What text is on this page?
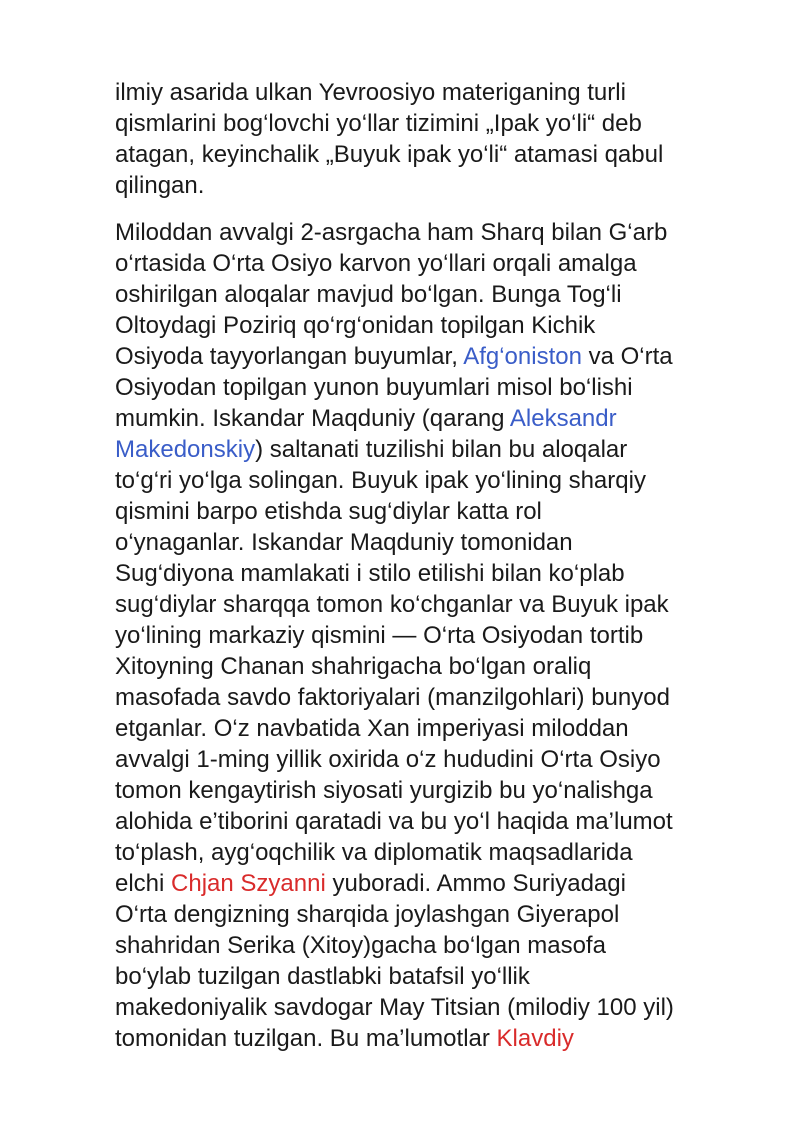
ilmiy asarida ulkan Yevroosiyo materiganing turli
qismlarini bog‘lovchi yo‘llar tizimini „Ipak yo‘li“ deb
atagan, keyinchalik „Buyuk ipak yo‘li“ atamasi qabul
qilingan.

Miloddan avvalgi 2-asrgacha ham Sharq bilan G‘arb
o‘rtasida O‘rta Osiyo karvon yo‘llari orqali amalga
oshirilgan aloqalar mavjud bo‘lgan. Bunga Tog‘li
Oltoydagi Poziriq qo‘rg‘onidan topilgan Kichik
Osiyoda tayyorlangan buyumlar, Afg‘oniston va O‘rta
Osiyodan topilgan yunon buyumlari misol bo‘lishi
mumkin. Iskandar Maqduniy (qarang Aleksandr
Makedonskiy) saltanati tuzilishi bilan bu aloqalar
to‘g‘ri yo‘lga solingan. Buyuk ipak yo‘lining sharqiy
qismini barpo etishda sug‘diylar katta rol
o‘ynaganlar. Iskandar Maqduniy tomonidan
Sug‘diyona mamlakati i stilo etilishi bilan ko‘plab
sug‘diylar sharqqa tomon ko‘chganlar va Buyuk ipak
yo‘lining markaziy qismini — O‘rta Osiyodan tortib
Xitoyning Chanan shahrigacha bo‘lgan oraliq
masofada savdo faktoriyalari (manzilgohlari) bunyod
etganlar. O‘z navbatida Xan imperiyasi miloddan
avvalgi 1-ming yillik oxirida o‘z hududini O‘rta Osiyo
tomon kengaytirish siyosati yurgizib bu yo‘nalishga
alohida e’tiborini qaratadi va bu yo‘l haqida ma’lumot
to‘plash, ayg‘oqchilik va diplomatik maqsadlarida
elchi Chjan Szyanni yuboradi. Ammo Suriyadagi
O‘rta dengizning sharqida joylashgan Giyerapol
shahridan Serika (Xitoy)gacha bo‘lgan masofa
bo‘ylab tuzilgan dastlabki batafsil yo‘llik
makedoniyalik savdogar May Titsian (milodiy 100 yil)
tomonidan tuzilgan. Bu ma’lumotlar Klavdiy
